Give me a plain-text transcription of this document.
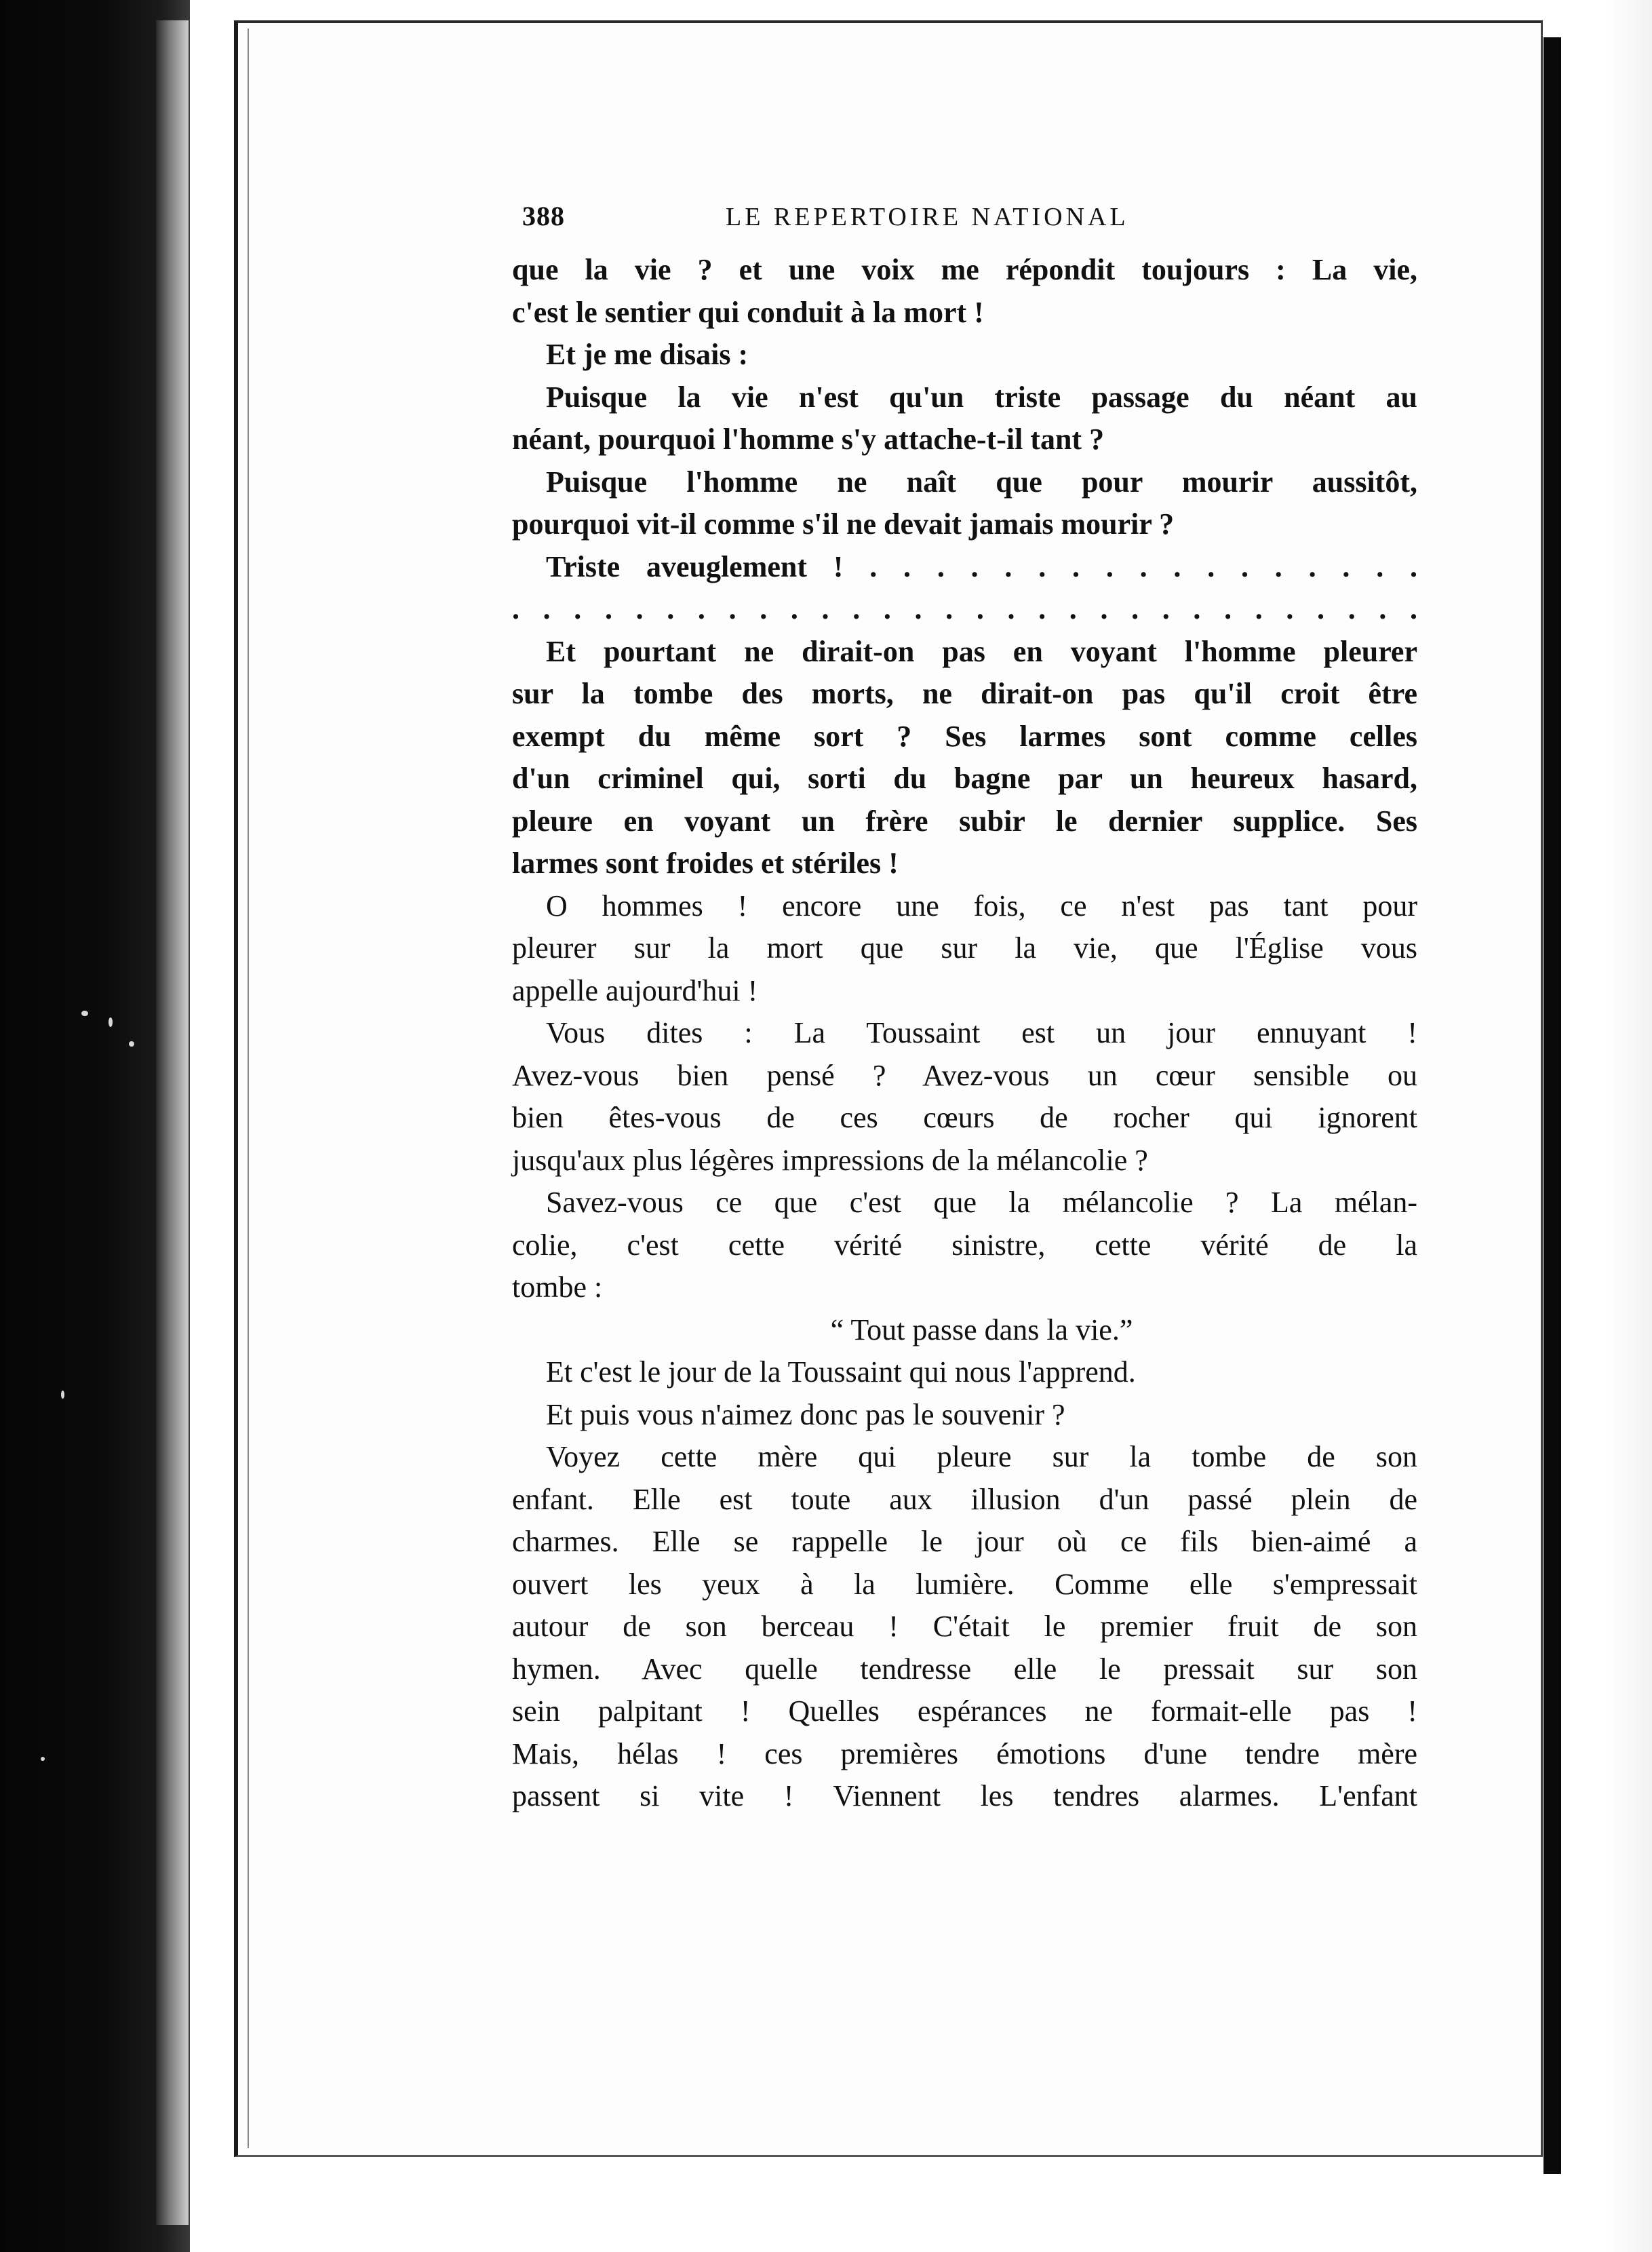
388	LE REPERTOIRE NATIONAL
que la vie ? et une voix me répondit toujours : La vie,
c'est le sentier qui conduit à la mort !
Et je me disais :
Puisque la vie n'est qu'un triste passage du néant au
néant, pourquoi l'homme s'y attache-t-il tant ?
Puisque l'homme ne naît que pour mourir aussitôt,
pourquoi vit-il comme s'il ne devait jamais mourir ?
Triste aveuglement ! . . . . . . . . . . . . . . . . .
. . . . . . . . . . . . . . . . . . . . . . . . . . . . . .
Et pourtant ne dirait-on pas en voyant l'homme pleurer
sur la tombe des morts, ne dirait-on pas qu'il croit être
exempt du même sort ? Ses larmes sont comme celles
d'un criminel qui, sorti du bagne par un heureux hasard,
pleure en voyant un frère subir le dernier supplice. Ses
larmes sont froides et stériles !
O hommes ! encore une fois, ce n'est pas tant pour
pleurer sur la mort que sur la vie, que l'Église vous
appelle aujourd'hui !
Vous dites : La Toussaint est un jour ennuyant !
Avez-vous bien pensé ? Avez-vous un cœur sensible ou
bien êtes-vous de ces cœurs de rocher qui ignorent
jusqu'aux plus légères impressions de la mélancolie ?
Savez-vous ce que c'est que la mélancolie ? La mélan-
colie, c'est cette vérité sinistre, cette vérité de la
tombe :
“ Tout passe dans la vie.”
Et c'est le jour de la Toussaint qui nous l'apprend.
Et puis vous n'aimez donc pas le souvenir ?
Voyez cette mère qui pleure sur la tombe de son
enfant. Elle est toute aux illusion d'un passé plein de
charmes. Elle se rappelle le jour où ce fils bien-aimé a
ouvert les yeux à la lumière. Comme elle s'empressait
autour de son berceau ! C'était le premier fruit de son
hymen. Avec quelle tendresse elle le pressait sur son
sein palpitant ! Quelles espérances ne formait-elle pas !
Mais, hélas ! ces premières émotions d'une tendre mère
passent si vite ! Viennent les tendres alarmes. L'enfant
